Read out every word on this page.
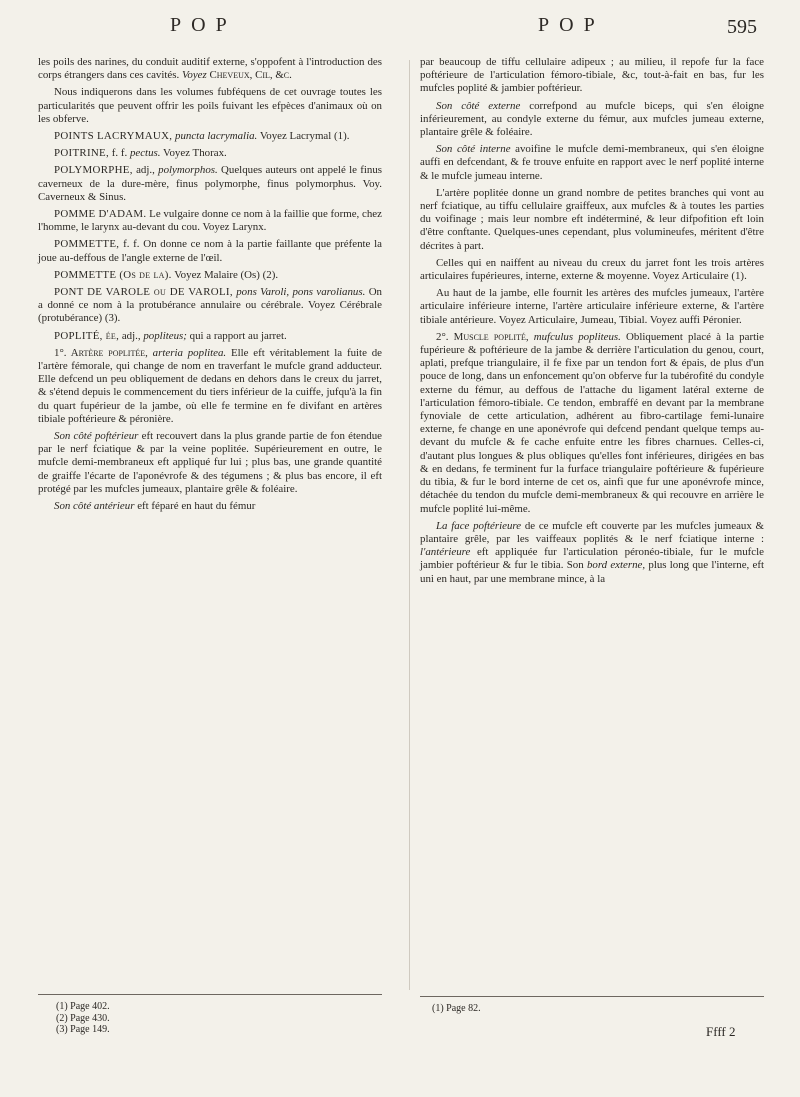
POP	POP	595

les poils des narines, du conduit auditif externe, s'oppofent à l'introduction des corps étrangers dans ces cavités. Voyez Cheveux, Cil, &c.

Nous indiquerons dans les volumes fubféquens de cet ouvrage toutes les particularités que peuvent offrir les poils fuivant les efpèces d'animaux où on les obferve.

POINTS LACRYMAUX, puncta lacrymalia. Voyez Lacrymal (1).

POITRINE, f. f. pectus. Voyez Thorax.

POLYMORPHE, adj., polymorphos. Quelques auteurs ont appelé le finus caverneux de la dure-mère, finus polymorphe, finus polymorphus. Voy. Caverneux & Sinus.

POMME D'ADAM. Le vulgaire donne ce nom à la faillie que forme, chez l'homme, le larynx au-devant du cou. Voyez Larynx.

POMMETTE, f. f. On donne ce nom à la partie faillante que préfente la joue au-deffous de l'angle externe de l'œil.

POMMETTE (Os de la). Voyez Malaire (Os) (2).

PONT DE VAROLE ou DE VAROLI, pons Varoli, pons varolianus. On a donné ce nom à la protubérance annulaire ou cérébrale. Voyez Cérébrale (protubérance) (3).

POPLITÉ, ée, adj., popliteus; qui a rapport au jarret.

1°. Artère poplitée, arteria poplitea. Elle eft véritablement la fuite de l'artère fémorale, qui change de nom en traverfant le mufcle grand adducteur. Elle defcend un peu obliquement de dedans en dehors dans le creux du jarret, & s'étend depuis le commencement du tiers inférieur de la cuiffe, jufqu'à la fin du quart fupérieur de la jambe, où elle fe termine en fe divifant en artères tibiale poftérieure & péronière.

Son côté poftérieur eft recouvert dans la plus grande partie de fon étendue par le nerf fciatique & par la veine poplitée. Supérieurement en outre, le mufcle demi-membraneux eft appliqué fur lui ; plus bas, une grande quantité de graiffe l'écarte de l'aponévrofe & des tégumens ; & plus bas encore, il eft protégé par les mufcles jumeaux, plantaire grêle & foléaire.

Son côté antérieur eft féparé en haut du fémur

par beaucoup de tiffu cellulaire adipeux ; au milieu, il repofe fur la face poftérieure de l'articulation fémoro-tibiale, &c, tout-à-fait en bas, fur les mufcles poplité & jambier poftérieur.

Son côté externe correfpond au mufcle biceps, qui s'en éloigne inférieurement, au condyle externe du fémur, aux mufcles jumeau externe, plantaire grêle & foléaire.

Son côté interne avoifine le mufcle demi-membraneux, qui s'en éloigne auffi en defcendant, & fe trouve enfuite en rapport avec le nerf poplité interne & le mufcle jumeau interne.

L'artère poplitée donne un grand nombre de petites branches qui vont au nerf fciatique, au tiffu cellulaire graiffeux, aux mufcles & à toutes les parties du voifinage ; mais leur nombre eft indéterminé, & leur difpofition eft loin d'être conftante. Quelques-unes cependant, plus volumineufes, méritent d'être décrites à part.

Celles qui en naiffent au niveau du creux du jarret font les trois artères articulaires fupérieures, interne, externe & moyenne. Voyez Articulaire (1).

Au haut de la jambe, elle fournit les artères des mufcles jumeaux, l'artère articulaire inférieure interne, l'artère articulaire inférieure externe, & l'artère tibiale antérieure. Voyez Articulaire, Jumeau, Tibial. Voyez auffi Péronier.

2°. Muscle poplité, mufculus popliteus. Obliquement placé à la partie fupérieure & poftérieure de la jambe & derrière l'articulation du genou, court, aplati, prefque triangulaire, il fe fixe par un tendon fort & épais, de plus d'un pouce de long, dans un enfoncement qu'on obferve fur la tubérofité du condyle externe du fémur, au deffous de l'attache du ligament latéral externe de l'articulation fémoro-tibiale. Ce tendon, embraffé en devant par la membrane fynoviale de cette articulation, adhérent au fibro-cartilage femi-lunaire externe, fe change en une aponévrofe qui defcend pendant quelque temps au-devant du mufcle & fe cache enfuite entre les fibres charnues. Celles-ci, d'autant plus longues & plus obliques qu'elles font inférieures, dirigées en bas & en dedans, fe terminent fur la furface triangulaire poftérieure & fupérieure du tibia, & fur le bord interne de cet os, ainfi que fur une aponévrofe mince, détachée du tendon du mufcle demi-membraneux & qui recouvre en arrière le mufcle poplité lui-même.

La face poftérieure de ce mufcle eft couverte par les mufcles jumeaux & plantaire grêle, par les vaiffeaux poplités & le nerf fciatique interne : l'antérieure eft appliquée fur l'articulation péronéo-tibiale, fur le mufcle jambier poftérieur & fur le tibia. Son bord externe, plus long que l'interne, eft uni en haut, par une membrane mince, à la

(1) Page 402.
(2) Page 430.
(3) Page 149.
(1) Page 82.
Ffff 2
